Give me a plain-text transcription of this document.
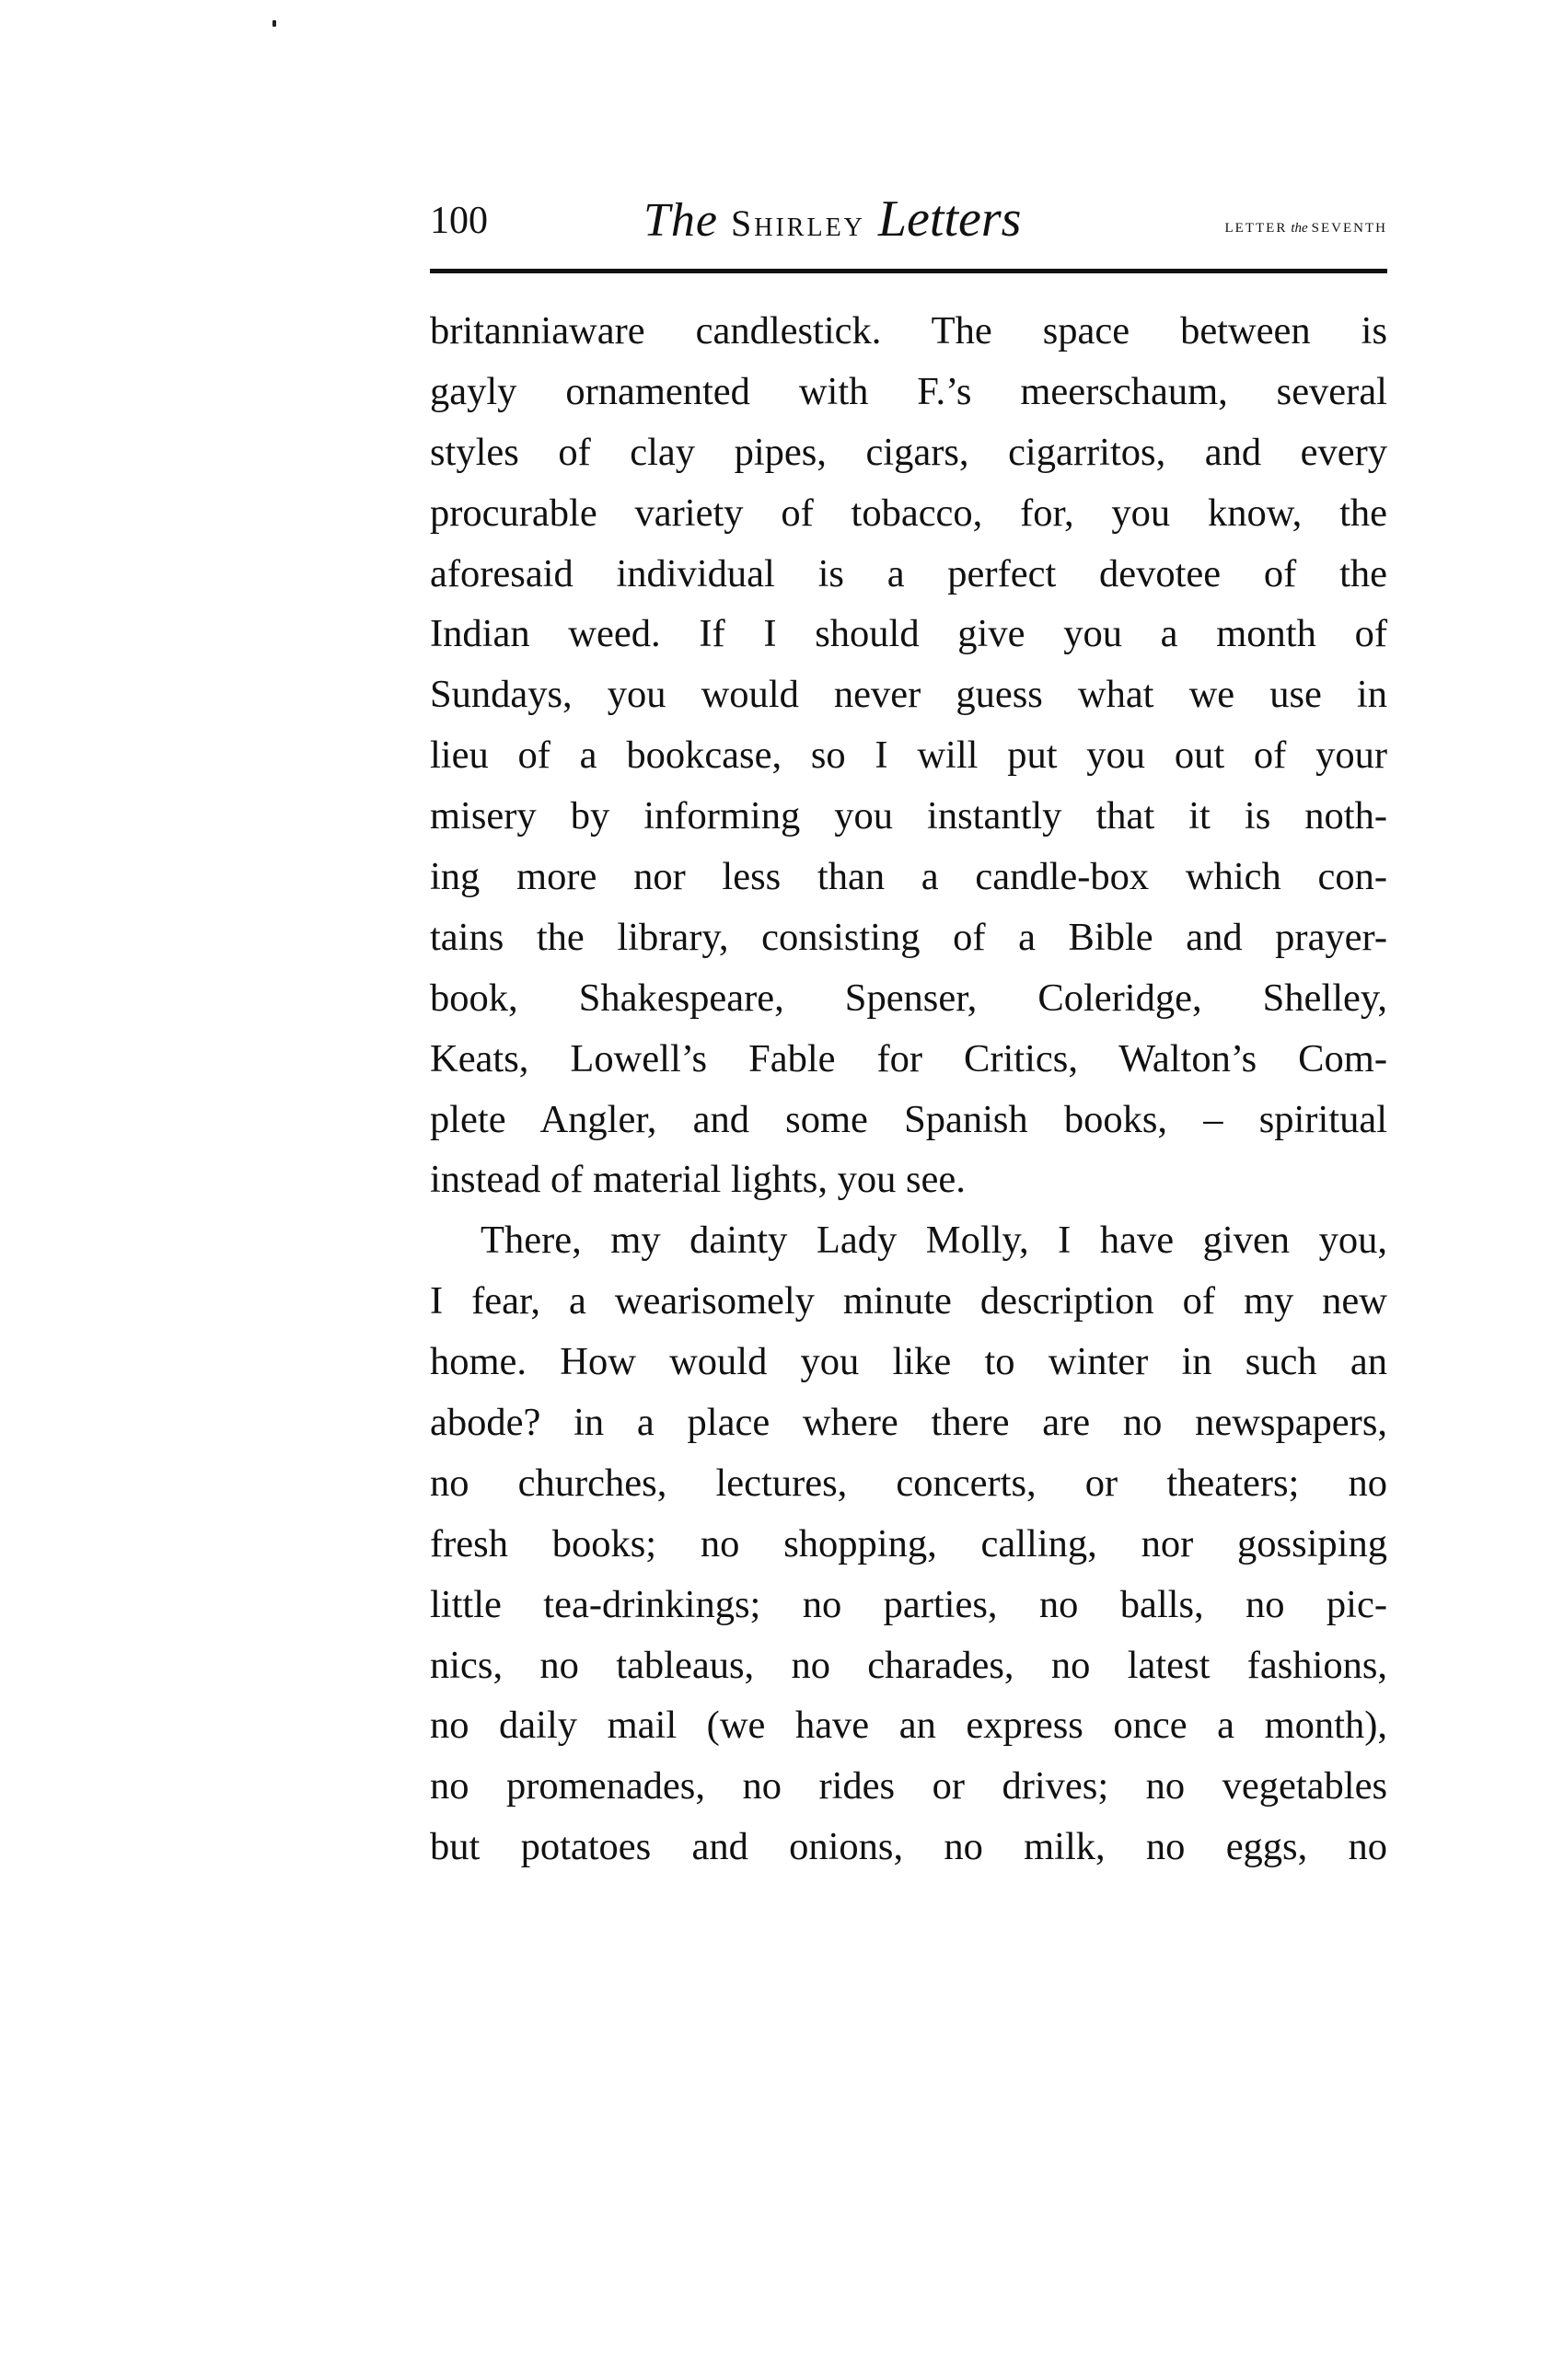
100	The Shirley Letters	LETTER the SEVENTH
britanniaware candlestick. The space between is
gayly ornamented with F.’s meerschaum, several
styles of clay pipes, cigars, cigarritos, and every
procurable variety of tobacco, for, you know, the
aforesaid individual is a perfect devotee of the
Indian weed. If I should give you a month of
Sundays, you would never guess what we use in
lieu of a bookcase, so I will put you out of your
misery by informing you instantly that it is noth-
ing more nor less than a candle-box which con-
tains the library, consisting of a Bible and prayer-
book, Shakespeare, Spenser, Coleridge, Shelley,
Keats, Lowell’s Fable for Critics, Walton’s Com-
plete Angler, and some Spanish books, – spiritual
instead of material lights, you see.
There, my dainty Lady Molly, I have given you,
I fear, a wearisomely minute description of my new
home. How would you like to winter in such an
abode? in a place where there are no newspapers,
no churches, lectures, concerts, or theaters; no
fresh books; no shopping, calling, nor gossiping
little tea-drinkings; no parties, no balls, no pic-
nics, no tableaus, no charades, no latest fashions,
no daily mail (we have an express once a month),
no promenades, no rides or drives; no vegetables
but potatoes and onions, no milk, no eggs, no
